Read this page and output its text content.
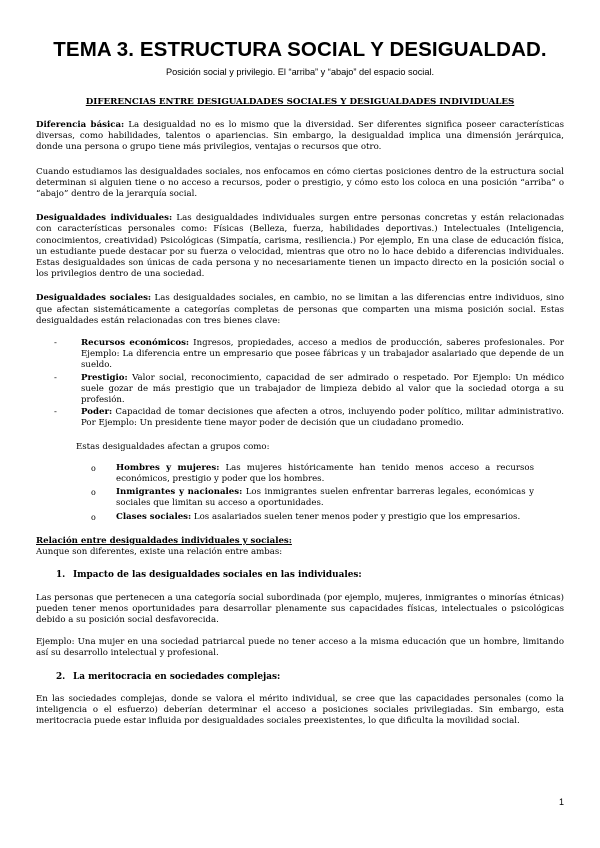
TEMA 3. ESTRUCTURA SOCIAL Y DESIGUALDAD.

Posición social y privilegio. El “arriba” y “abajo” del espacio social.

DIFERENCIAS ENTRE DESIGUALDADES SOCIALES Y DESIGUALDADES INDIVIDUALES

Diferencia básica: La desigualdad no es lo mismo que la diversidad. Ser diferentes significa poseer características diversas, como habilidades, talentos o apariencias. Sin embargo, la desigualdad implica una dimensión jerárquica, donde una persona o grupo tiene más privilegios, ventajas o recursos que otro.

Cuando estudiamos las desigualdades sociales, nos enfocamos en cómo ciertas posiciones dentro de la estructura social determinan si alguien tiene o no acceso a recursos, poder o prestigio, y cómo esto los coloca en una posición “arriba” o “abajo” dentro de la jerarquía social.

Desigualdades individuales: Las desigualdades individuales surgen entre personas concretas y están relacionadas con características personales como: Físicas (Belleza, fuerza, habilidades deportivas.) Intelectuales (Inteligencia, conocimientos, creatividad) Psicológicas (Simpatía, carisma, resiliencia.) Por ejemplo, En una clase de educación física, un estudiante puede destacar por su fuerza o velocidad, mientras que otro no lo hace debido a diferencias individuales. Estas desigualdades son únicas de cada persona y no necesariamente tienen un impacto directo en la posición social o los privilegios dentro de una sociedad.

Desigualdades sociales: Las desigualdades sociales, en cambio, no se limitan a las diferencias entre individuos, sino que afectan sistemáticamente a categorías completas de personas que comparten una misma posición social. Estas desigualdades están relacionadas con tres bienes clave:

-	Recursos económicos: Ingresos, propiedades, acceso a medios de producción, saberes profesionales. Por Ejemplo: La diferencia entre un empresario que posee fábricas y un trabajador asalariado que depende de un sueldo.
-	Prestigio: Valor social, reconocimiento, capacidad de ser admirado o respetado. Por Ejemplo: Un médico suele gozar de más prestigio que un trabajador de limpieza debido al valor que la sociedad otorga a su profesión.
-	Poder: Capacidad de tomar decisiones que afecten a otros, incluyendo poder político, militar administrativo. Por Ejemplo: Un presidente tiene mayor poder de decisión que un ciudadano promedio.

Estas desigualdades afectan a grupos como:

o Hombres y mujeres: Las mujeres históricamente han tenido menos acceso a recursos económicos, prestigio y poder que los hombres.
o Inmigrantes y nacionales: Los inmigrantes suelen enfrentar barreras legales, económicas y sociales que limitan su acceso a oportunidades.
o Clases sociales: Los asalariados suelen tener menos poder y prestigio que los empresarios.

Relación entre desigualdades individuales y sociales:

Aunque son diferentes, existe una relación entre ambas:

1. Impacto de las desigualdades sociales en las individuales:

Las personas que pertenecen a una categoría social subordinada (por ejemplo, mujeres, inmigrantes o minorías étnicas) pueden tener menos oportunidades para desarrollar plenamente sus capacidades físicas, intelectuales o psicológicas debido a su posición social desfavorecida.

Ejemplo: Una mujer en una sociedad patriarcal puede no tener acceso a la misma educación que un hombre, limitando así su desarrollo intelectual y profesional.

2. La meritocracia en sociedades complejas:

En las sociedades complejas, donde se valora el mérito individual, se cree que las capacidades personales (como la inteligencia o el esfuerzo) deberían determinar el acceso a posiciones sociales privilegiadas. Sin embargo, esta meritocracia puede estar influida por desigualdades sociales preexistentes, lo que dificulta la movilidad social.

1
